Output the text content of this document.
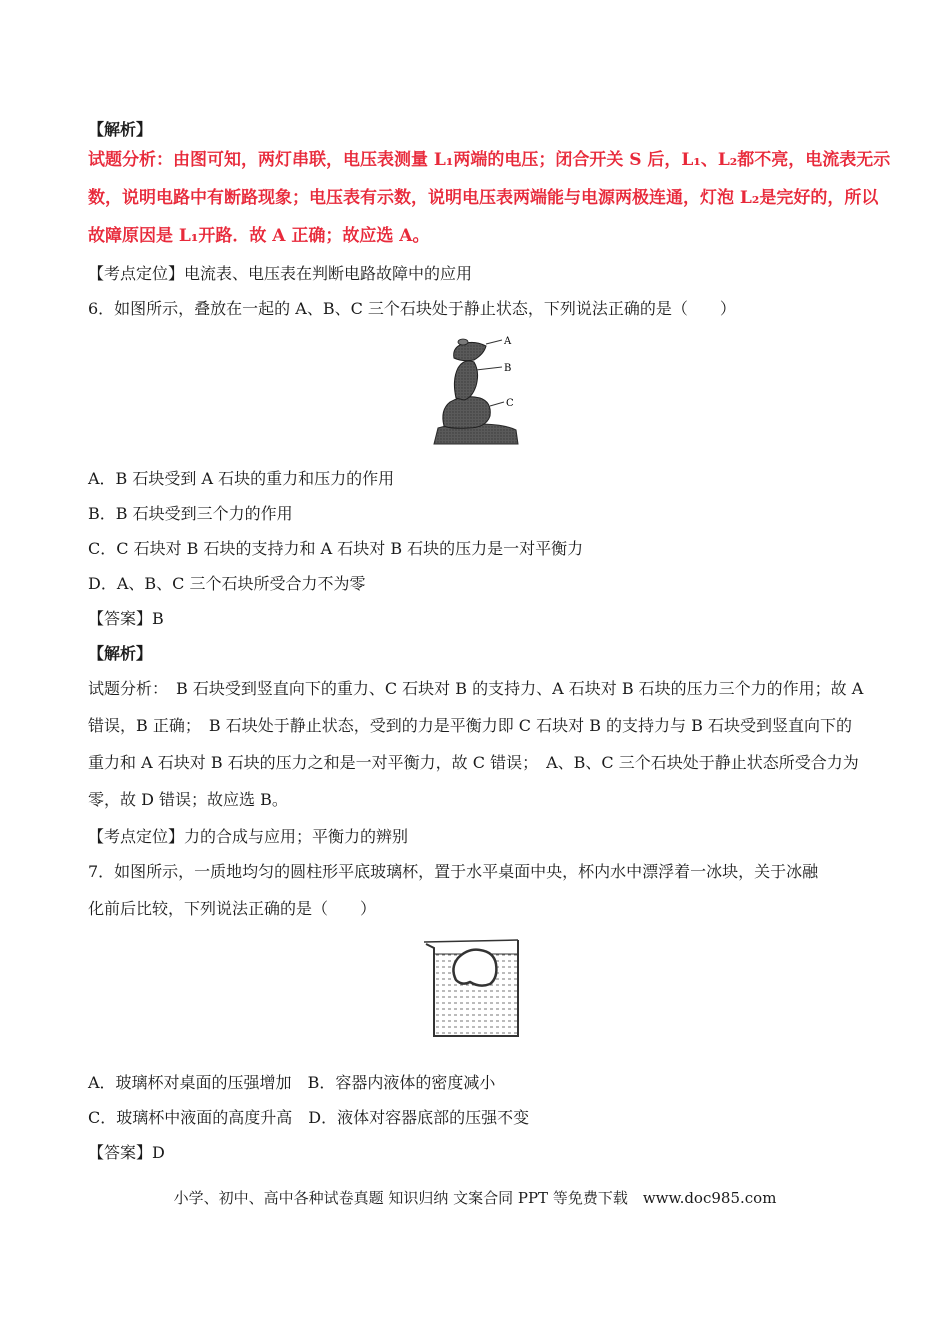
【解析】
试题分析：由图可知，两灯串联，电压表测量 L₁两端的电压；闭合开关 S 后，L₁、L₂都不亮，电流表无示
数，说明电路中有断路现象；电压表有示数，说明电压表两端能与电源两极连通，灯泡 L₂是完好的，所以
故障原因是 L₁开路．故 A 正确；故应选 A。
【考点定位】电流表、电压表在判断电路故障中的应用
6．如图所示，叠放在一起的 A、B、C 三个石块处于静止状态，下列说法正确的是（　　）
A
B
C
A．B 石块受到 A 石块的重力和压力的作用
B．B 石块受到三个力的作用
C．C 石块对 B 石块的支持力和 A 石块对 B 石块的压力是一对平衡力
D．A、B、C 三个石块所受合力不为零
【答案】B
【解析】
试题分析：　B 石块受到竖直向下的重力、C 石块对 B 的支持力、A 石块对 B 石块的压力三个力的作用；故 A
错误，B 正确；　B 石块处于静止状态，受到的力是平衡力即 C 石块对 B 的支持力与 B 石块受到竖直向下的
重力和 A 石块对 B 石块的压力之和是一对平衡力，故 C 错误；　A、B、C 三个石块处于静止状态所受合力为
零，故 D 错误；故应选 B。
【考点定位】力的合成与应用；平衡力的辨别
7．如图所示，一质地均匀的圆柱形平底玻璃杯，置于水平桌面中央，杯内水中漂浮着一冰块，关于冰融
化前后比较，下列说法正确的是（　　）
A．玻璃杯对桌面的压强增加 B．容器内液体的密度减小
C．玻璃杯中液面的高度升高 D．液体对容器底部的压强不变
【答案】D
小学、初中、高中各种试卷真题 知识归纳 文案合同 PPT 等免费下载　www.doc985.com
